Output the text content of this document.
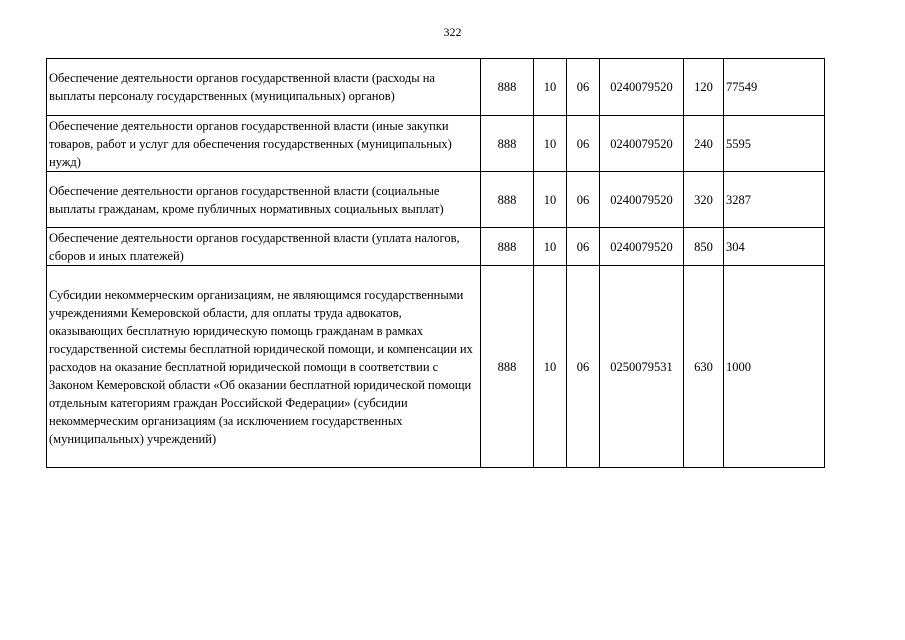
322
Обеспечение деятельности органов государственной власти (расходы на выплаты персоналу государственных (муниципальных) органов)	888	10	06	0240079520	120	77549
Обеспечение деятельности органов государственной власти (иные закупки товаров, работ и услуг для обеспечения государственных (муниципальных) нужд)	888	10	06	0240079520	240	5595
Обеспечение деятельности органов государственной власти (социальные выплаты гражданам, кроме публичных нормативных социальных выплат)	888	10	06	0240079520	320	3287
Обеспечение деятельности органов государственной власти (уплата налогов, сборов и иных платежей)	888	10	06	0240079520	850	304
Субсидии некоммерческим организациям, не являющимся государственными учреждениями Кемеровской области, для оплаты труда адвокатов, оказывающих бесплатную юридическую помощь гражданам в рамках государственной системы бесплатной юридической помощи, и компенсации их расходов на оказание бесплатной юридической помощи в соответствии с Законом Кемеровской области «Об оказании бесплатной юридической помощи отдельным категориям граждан Российской Федерации» (субсидии некоммерческим организациям (за исключением государственных (муниципальных) учреждений)	888	10	06	0250079531	630	1000
